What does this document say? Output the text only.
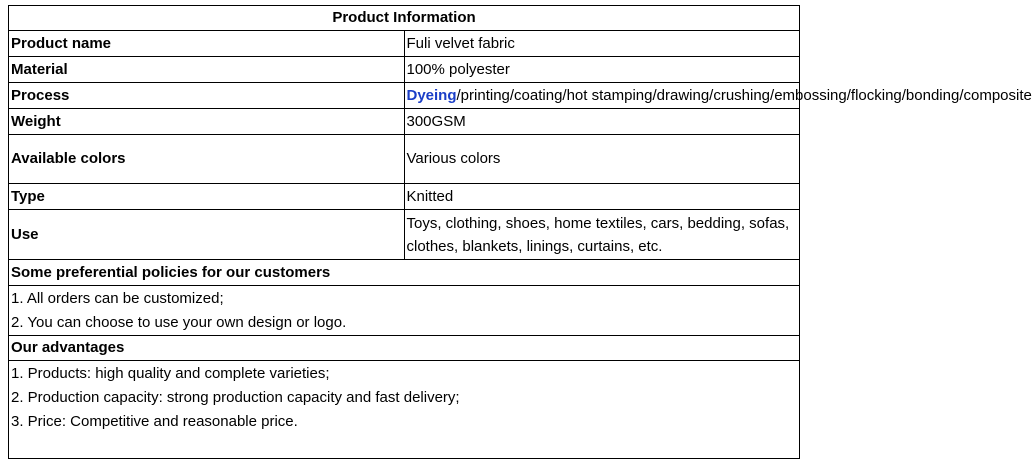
Product Information	
Product name	Fuli velvet fabric
Material	100% polyester
Process	Dyeing/printing/coating/hot stamping/drawing/crushing/embossing/flocking/bonding/composite
Weight	300GSM
Available colors	Various colors
Type	Knitted
Use	Toys, clothing, shoes, home textiles, cars, bedding, sofas, clothes, blankets, linings, curtains, etc.
Some preferential policies for our customers	

1. All orders can be customized;
2. You can choose to use your own design or logo.	

Our advantages	

1. Products: high quality and complete varieties;
2. Production capacity: strong production capacity and fast delivery;
3. Price: Competitive and reasonable price.	
